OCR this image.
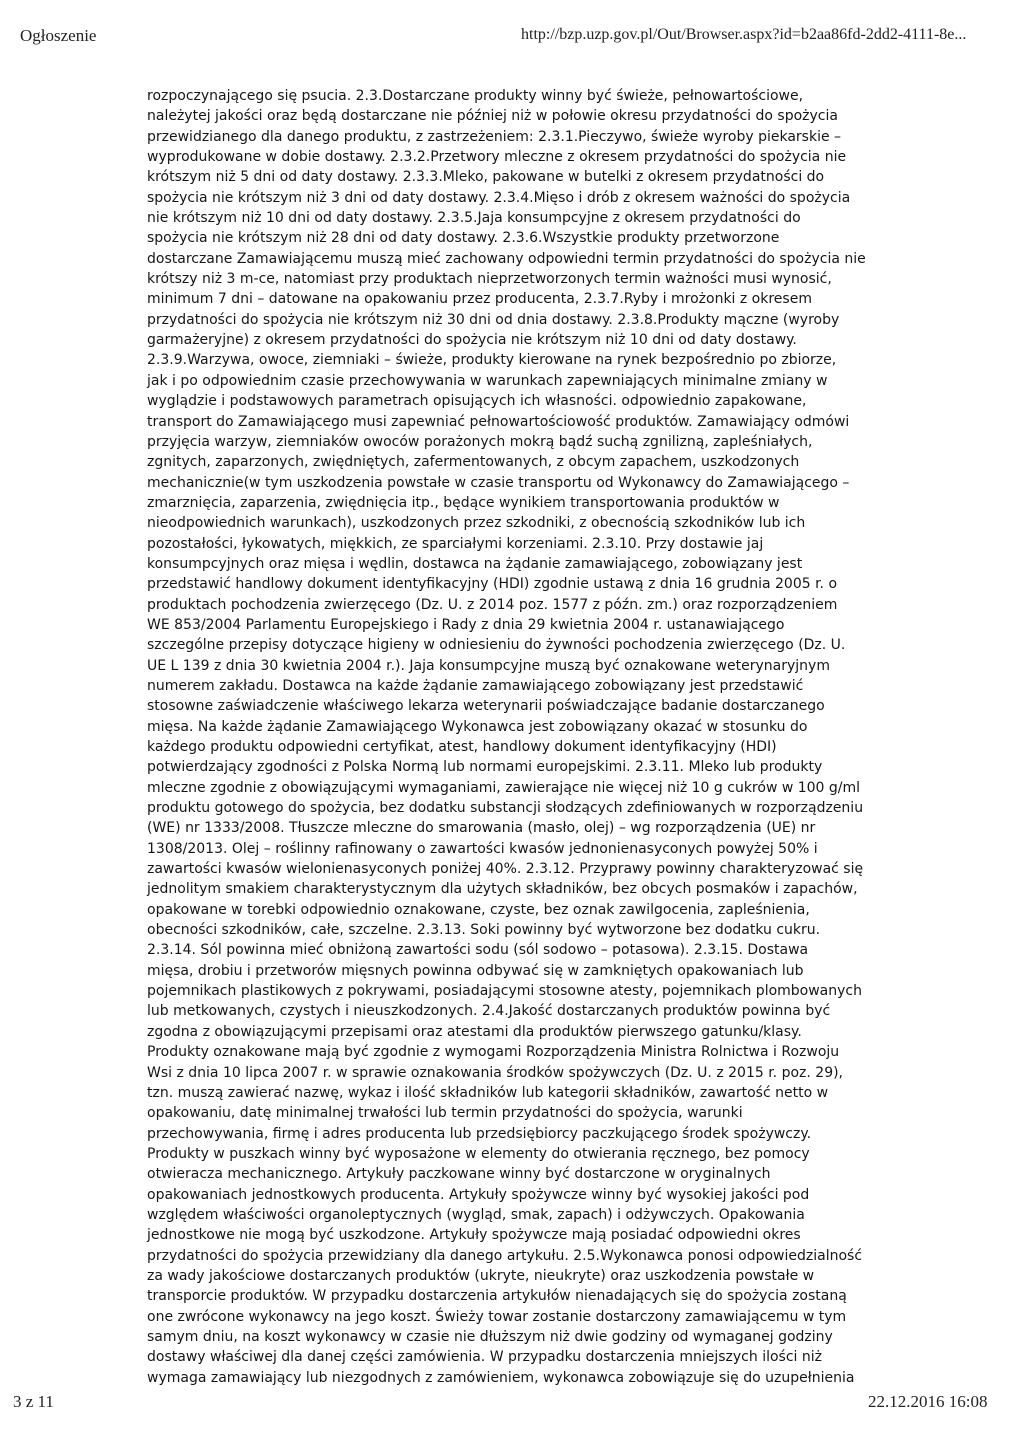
Ogłoszenie	http://bzp.uzp.gov.pl/Out/Browser.aspx?id=b2aa86fd-2dd2-4111-8e...
rozpoczynającego się psucia. 2.3.Dostarczane produkty winny być świeże, pełnowartościowe,
należytej jakości oraz będą dostarczane nie później niż w połowie okresu przydatności do spożycia
przewidzianego dla danego produktu, z zastrzeżeniem: 2.3.1.Pieczywo, świeże wyroby piekarskie –
wyprodukowane w dobie dostawy. 2.3.2.Przetwory mleczne z okresem przydatności do spożycia nie
krótszym niż 5 dni od daty dostawy. 2.3.3.Mleko, pakowane w butelki z okresem przydatności do
spożycia nie krótszym niż 3 dni od daty dostawy. 2.3.4.Mięso i drób z okresem ważności do spożycia
nie krótszym niż 10 dni od daty dostawy. 2.3.5.Jaja konsumpcyjne z okresem przydatności do
spożycia nie krótszym niż 28 dni od daty dostawy. 2.3.6.Wszystkie produkty przetworzone
dostarczane Zamawiającemu muszą mieć zachowany odpowiedni termin przydatności do spożycia nie
krótszy niż 3 m-ce, natomiast przy produktach nieprzetworzonych termin ważności musi wynosić,
minimum 7 dni – datowane na opakowaniu przez producenta, 2.3.7.Ryby i mrożonki z okresem
przydatności do spożycia nie krótszym niż 30 dni od dnia dostawy. 2.3.8.Produkty mączne (wyroby
garmażeryjne) z okresem przydatności do spożycia nie krótszym niż 10 dni od daty dostawy.
2.3.9.Warzywa, owoce, ziemniaki – świeże, produkty kierowane na rynek bezpośrednio po zbiorze,
jak i po odpowiednim czasie przechowywania w warunkach zapewniających minimalne zmiany w
wyglądzie i podstawowych parametrach opisujących ich własności. odpowiednio zapakowane,
transport do Zamawiającego musi zapewniać pełnowartościowość produktów. Zamawiający odmówi
przyjęcia warzyw, ziemniaków owoców porażonych mokrą bądź suchą zgnilizną, zapleśniałych,
zgnitych, zaparzonych, zwiędniętych, zafermentowanych, z obcym zapachem, uszkodzonych
mechanicznie(w tym uszkodzenia powstałe w czasie transportu od Wykonawcy do Zamawiającego –
zmarznięcia, zaparzenia, zwiędnięcia itp., będące wynikiem transportowania produktów w
nieodpowiednich warunkach), uszkodzonych przez szkodniki, z obecnością szkodników lub ich
pozostałości, łykowatych, miękkich, ze sparciałymi korzeniami. 2.3.10. Przy dostawie jaj
konsumpcyjnych oraz mięsa i wędlin, dostawca na żądanie zamawiającego, zobowiązany jest
przedstawić handlowy dokument identyfikacyjny (HDI) zgodnie ustawą z dnia 16 grudnia 2005 r. o
produktach pochodzenia zwierzęcego (Dz. U. z 2014 poz. 1577 z późn. zm.) oraz rozporządzeniem
WE 853/2004 Parlamentu Europejskiego i Rady z dnia 29 kwietnia 2004 r. ustanawiającego
szczególne przepisy dotyczące higieny w odniesieniu do żywności pochodzenia zwierzęcego (Dz. U.
UE L 139 z dnia 30 kwietnia 2004 r.). Jaja konsumpcyjne muszą być oznakowane weterynaryjnym
numerem zakładu. Dostawca na każde żądanie zamawiającego zobowiązany jest przedstawić
stosowne zaświadczenie właściwego lekarza weterynarii poświadczające badanie dostarczanego
mięsa. Na każde żądanie Zamawiającego Wykonawca jest zobowiązany okazać w stosunku do
każdego produktu odpowiedni certyfikat, atest, handlowy dokument identyfikacyjny (HDI)
potwierdzający zgodności z Polska Normą lub normami europejskimi. 2.3.11. Mleko lub produkty
mleczne zgodnie z obowiązującymi wymaganiami, zawierające nie więcej niż 10 g cukrów w 100 g/ml
produktu gotowego do spożycia, bez dodatku substancji słodzących zdefiniowanych w rozporządzeniu
(WE) nr 1333/2008. Tłuszcze mleczne do smarowania (masło, olej) – wg rozporządzenia (UE) nr
1308/2013. Olej – roślinny rafinowany o zawartości kwasów jednonienasyconych powyżej 50% i
zawartości kwasów wielonienasyconych poniżej 40%. 2.3.12. Przyprawy powinny charakteryzować się
jednolitym smakiem charakterystycznym dla użytych składników, bez obcych posmaków i zapachów,
opakowane w torebki odpowiednio oznakowane, czyste, bez oznak zawilgocenia, zapleśnienia,
obecności szkodników, całe, szczelne. 2.3.13. Soki powinny być wytworzone bez dodatku cukru.
2.3.14. Sól powinna mieć obniżoną zawartości sodu (sól sodowo – potasowa). 2.3.15. Dostawa
mięsa, drobiu i przetworów mięsnych powinna odbywać się w zamkniętych opakowaniach lub
pojemnikach plastikowych z pokrywami, posiadającymi stosowne atesty, pojemnikach plombowanych
lub metkowanych, czystych i nieuszkodzonych. 2.4.Jakość dostarczanych produktów powinna być
zgodna z obowiązującymi przepisami oraz atestami dla produktów pierwszego gatunku/klasy.
Produkty oznakowane mają być zgodnie z wymogami Rozporządzenia Ministra Rolnictwa i Rozwoju
Wsi z dnia 10 lipca 2007 r. w sprawie oznakowania środków spożywczych (Dz. U. z 2015 r. poz. 29),
tzn. muszą zawierać nazwę, wykaz i ilość składników lub kategorii składników, zawartość netto w
opakowaniu, datę minimalnej trwałości lub termin przydatności do spożycia, warunki
przechowywania, firmę i adres producenta lub przedsiębiorcy paczkującego środek spożywczy.
Produkty w puszkach winny być wyposażone w elementy do otwierania ręcznego, bez pomocy
otwieracza mechanicznego. Artykuły paczkowane winny być dostarczone w oryginalnych
opakowaniach jednostkowych producenta. Artykuły spożywcze winny być wysokiej jakości pod
względem właściwości organoleptycznych (wygląd, smak, zapach) i odżywczych. Opakowania
jednostkowe nie mogą być uszkodzone. Artykuły spożywcze mają posiadać odpowiedni okres
przydatności do spożycia przewidziany dla danego artykułu. 2.5.Wykonawca ponosi odpowiedzialność
za wady jakościowe dostarczanych produktów (ukryte, nieukryte) oraz uszkodzenia powstałe w
transporcie produktów. W przypadku dostarczenia artykułów nienadających się do spożycia zostaną
one zwrócone wykonawcy na jego koszt. Świeży towar zostanie dostarczony zamawiającemu w tym
samym dniu, na koszt wykonawcy w czasie nie dłuższym niż dwie godziny od wymaganej godziny
dostawy właściwej dla danej części zamówienia. W przypadku dostarczenia mniejszych ilości niż
wymaga zamawiający lub niezgodnych z zamówieniem, wykonawca zobowiązuje się do uzupełnienia
3 z 11	22.12.2016 16:08
